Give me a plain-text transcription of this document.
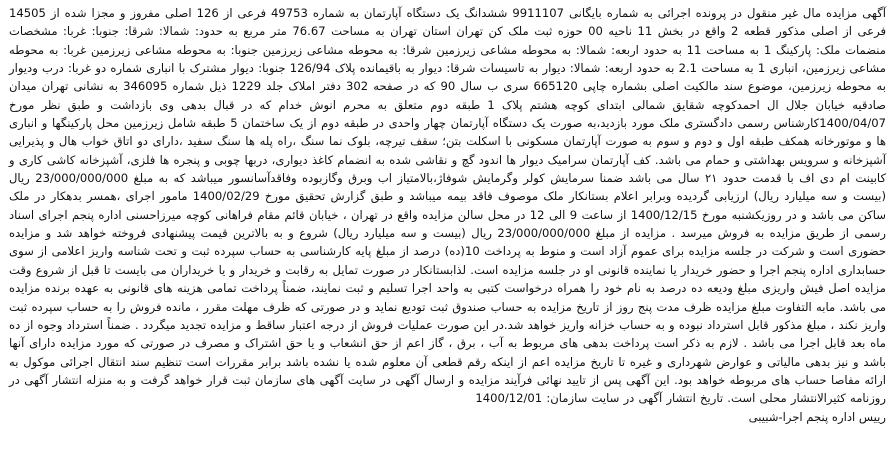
آگهی مزایده مال غیر منقول در پرونده اجرائی به شماره بایگانی 9911107 ششدانگ یک دستگاه آپارتمان به شماره 49753 فرعی از 126 اصلی مفروز و مجزا شده از 14505 فرعی از اصلی مذکور قطعه 2 واقع در بخش 11 ناحیه 00 حوزه ثبت ملک کن تهران استان تهران به مساحت 76.67 متر مربع به حدود: شمالا: شرقا: جنوبا: غربا: مشخصات منضمات ملک: پارکینگ 1 به مساحت 11 به حدود اربعه: شمالا: به محوطه مشاعی زیرزمین شرقا: به محوطه مشاعی زیرزمین جنوبا: به محوطه مشاعی زیرزمین غربا: به محوطه مشاعی زیرزمین، انباری 1 به مساحت 2.1 به حدود اربعه: شمالا: دیوار به تاسیسات شرقا: دیوار به باقیمانده پلاک 126/94 جنوبا: دیوار مشترک با انباری شماره دو غربا: درب ودیوار به محوطه زیرزمین، موضوع سند مالکیت اصلی بشماره چاپی 665120 سری ب سال 90 که در صفحه 302 دفتر املاک جلد 1229 ذیل شماره 346095 به نشانی تهران میدان صادقیه خیابان جلال ال احمدکوچه شقایق شمالی ابتدای کوچه هشتم پلاک 1 طبقه دوم متعلق به محرم انوش خدام که در قبال بدهی وی بازداشت و طبق نظر مورخ 1400/04/07کارشناس رسمی دادگستری ملک مورد بازدید،به صورت یک دستگاه آپارتمان چهار واحدی در طبقه دوم از یک ساختمان 5 طبقه شامل زیرزمین محل پارکینگها و انباری ها و موتورخانه همکف طبقه اول و دوم و سوم به صورت آپارتمان مسکونی با اسکلت بتن؛ سقف تیرچه، بلوک نما سنگ ،راه پله ها سنگ سفید ،دارای دو اتاق خواب هال و پذیرایی آشپزخانه و سرویس بهداشتی و حمام می باشد. کف آپارتمان سرامیک دیوار ها اندود گچ و نقاشی شده به انضمام کاغذ دیواری، دربها چوبی و پنجره ها فلزی، آشپزخانه کاشی کاری و کابینت ام دی اف با قدمت حدود ۲۱ سال می باشد ضمنا سرمایش کولر وگرمایش شوفاژ،بالامتیاز اب وبرق وگازبوده وفاقدآسانسور میباشد که به مبلغ 23/000/000/000 ریال (بیست و سه میلیارد ریال) ارزیابی گردیده وبرابر اعلام بستانکار ملک موصوف فاقد بیمه میباشد و طبق گزارش تحقیق مورخ 1400/02/29 مامور اجرای ،همسر بدهکار در ملک ساکن می باشد و در روزیکشنبه مورخ 1400/12/15 از ساعت 9 الی 12 در محل سالن مزایده واقع در تهران ، خیابان قائم مقام فراهانی کوچه میرزاحسنی اداره پنجم اجرای اسناد رسمی از طریق مزایده به فروش میرسد . مزایده از مبلغ 23/000/000/000 ریال (بیست و سه میلیارد ریال) شروع و به بالاترین قیمت پیشنهادی فروخته خواهد شد و مزایده حضوری است و شرکت در جلسه مزایده برای عموم آزاد است و منوط به پرداخت 10(ده) درصد از مبلغ پایه کارشناسی به حساب سپرده ثبت و تحت شناسه واریز اعلامی از سوی حسابداری اداره پنجم اجرا و حضور خریدار یا نماینده قانونی او در جلسه مزایده است. لذابستانکار در صورت تمایل به رقابت و خریدار و یا خریداران می بایست تا قبل از شروع وقت مزایده اصل فیش واریزی مبلغ ودیعه ده درصد به نام خود را همراه درخواست کتبی به واحد اجرا تسلیم و ثبت نمایند، ضمناً پرداخت تمامی هزینه های قانونی به عهده برنده مزایده می باشد. مابه التفاوت مبلغ مزایده ظرف مدت پنج روز از تاریخ مزایده به حساب صندوق ثبت تودیع نماید و در صورتی که ظرف مهلت مقرر ، مانده فروش را به حساب سپرده ثبت واریز نکند ، مبلغ مذکور قابل استرداد نبوده و به حساب خزانه واریز خواهد شد.در این صورت عملیات فروش از درجه اعتبار ساقط و مزایده تجدید میگردد . ضمناً استرداد وجوه از ده ماه بعد قابل اجرا می باشد . لازم به ذکر است پرداخت بدهی های مربوط به آب ، برق ، گاز اعم از حق انشعاب و یا حق اشتراک و مصرف در صورتی که مورد مزایده دارای آنها باشد و نیز بدهی مالیاتی و عوارض شهرداری و غیره تا تاریخ مزایده اعم از اینکه رقم قطعی آن معلوم شده یا نشده باشد برابر مقررات است تنظیم سند انتقال اجرائی موکول به ارائه مفاصا حساب های مربوطه خواهد بود. این آگهی پس از تایید نهائی فرآیند مزایده و ارسال آگهی در سایت آگهی های سازمان ثبت قرار خواهد گرفت و به منزله انتشار آگهی در روزنامه کثیرالانتشار محلی است. تاریخ انتشار آگهی در سایت سازمان: 1400/12/01

رییس اداره پنجم اجرا-شبیبی
